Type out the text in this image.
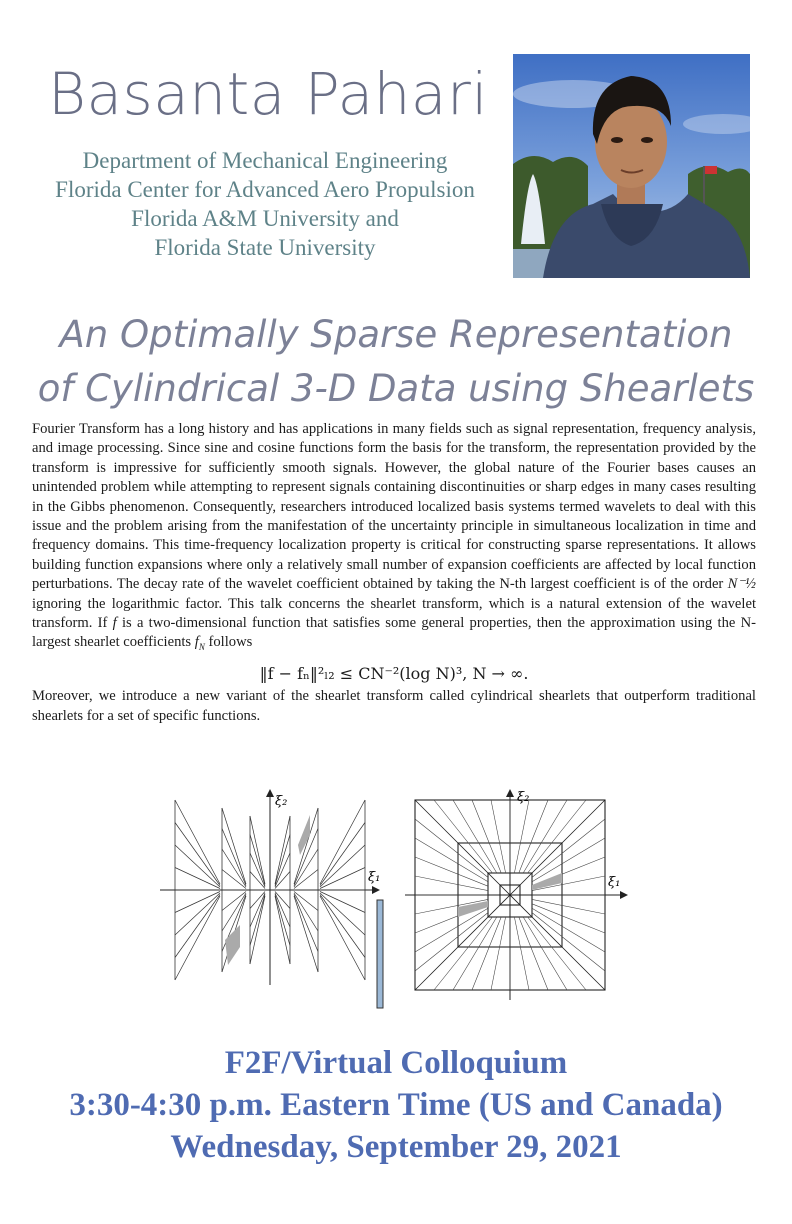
Basanta Pahari
Department of Mechanical Engineering
Florida Center for Advanced Aero Propulsion
Florida A&M University and
Florida State University
An Optimally Sparse Representation
of Cylindrical 3-D Data using Shearlets

Fourier Transform has a long history and has applications in many fields such as signal representation, frequency analysis, and image processing. Since sine and cosine functions form the basis for the transform, the representation provided by the transform is impressive for sufficiently smooth signals. However, the global nature of the Fourier bases causes an unintended problem while attempting to represent signals containing discontinuities or sharp edges in many cases resulting in the Gibbs phenomenon. Consequently, researchers introduced localized basis systems termed wavelets to deal with this issue and the problem arising from the manifestation of the uncertainty principle in simultaneous localization in time and frequency domains. This time-frequency localization property is critical for constructing sparse representations. It allows building function expansions where only a relatively small number of expansion coefficients are affected by local function perturbations. The decay rate of the wavelet coefficient obtained by taking the N-th largest coefficient is of the order N⁻½ ignoring the logarithmic factor. This talk concerns the shearlet transform, which is a natural extension of the wavelet transform. If f is a two-dimensional function that satisfies some general properties, then the approximation using the N-largest shearlet coefficients $f_N$ follows

‖f − fₙ‖²ₗ₂ ≤ CN⁻²(log N)³, N → ∞.

Moreover, we introduce a new variant of the shearlet transform called cylindrical shearlets that outperform traditional shearlets for a set of specific functions.

ξ₂
ξ₁
ξ₂
ξ₁
F2F/Virtual Colloquium
3:30-4:30 p.m. Eastern Time (US and Canada)
Wednesday, September 29, 2021
